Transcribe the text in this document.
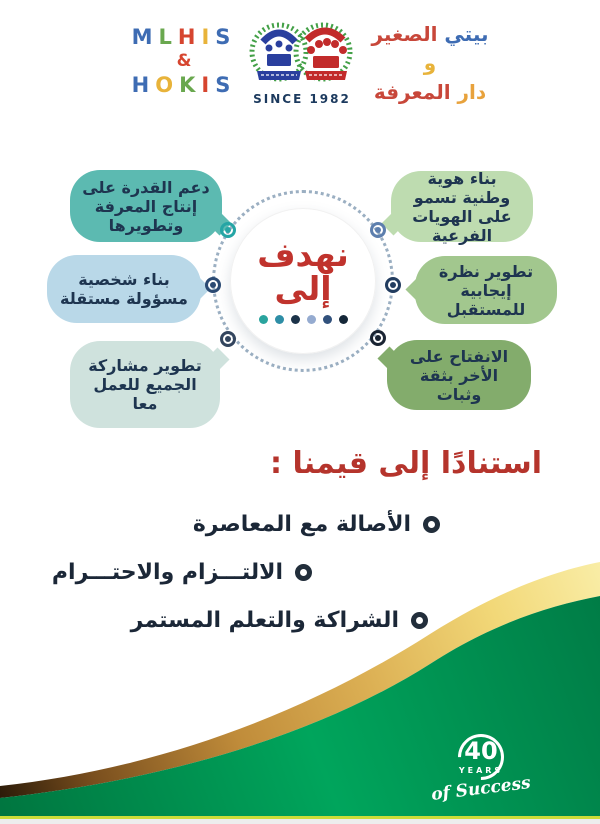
MLHIS
&
HOKIS
SINCE 1982
بيتي الصغير
و
دار المعرفة
نهدف
إلى
دعم القدرة على إنتاج المعرفة وتطويرها
بناء شخصية مسؤولة مستقلة
تطوير مشاركة الجميع للعمل معا
بناء هوية وطنية تسمو على الهويات الفرعية
تطوير نظرة إيجابية للمستقبل
الانفتاح على الأخر بثقة وثبات
استنادًا إلى قيمنا :
الأصالة مع المعاصرة
الالتـــزام والاحتـــرام
الشراكة والتعلم المستمر
40
YEARS
of Success
